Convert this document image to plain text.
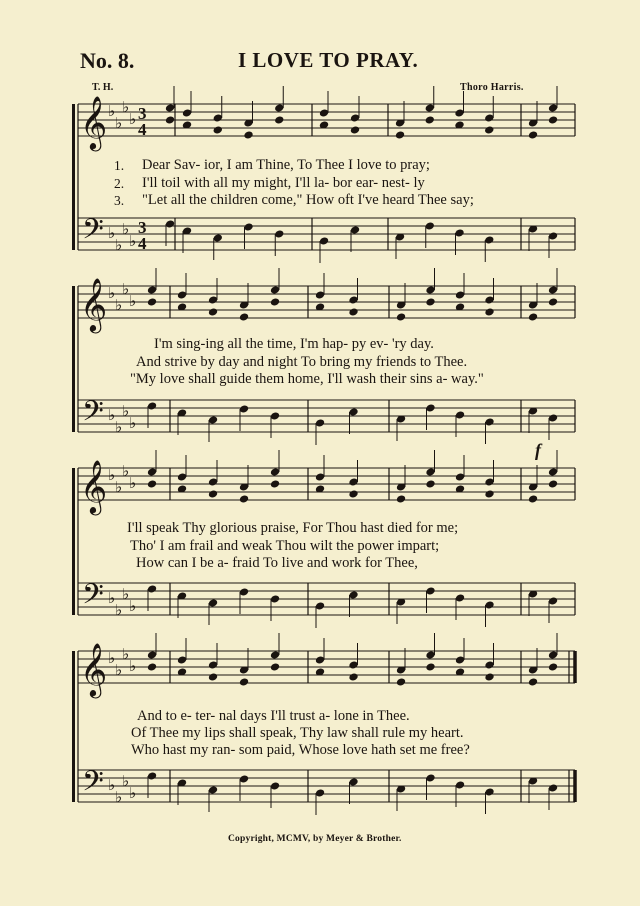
No. 8.	I LOVE TO PRAY.
T. H.	Thoro Harris.
𝄞 ♭
♭
♭
♭ 3
4
𝄢 ♭
♭
♭
♭
3
4
𝄞 ♭
♭
♭
♭
𝄢 ♭
♭
♭
♭
𝄞 ♭
♭
♭
♭
𝄢 ♭
♭
♭
♭
𝄞 ♭
♭
♭
♭
𝄢 ♭
♭
♭
♭
f
1.
2.
3.
Dear Sav- ior, I am Thine, To Thee I love to pray;
I'll toil with all my might, I'll la- bor ear- nest- ly
"Let all the children come," How oft I've heard Thee say;
I'm sing-ing all the time, I'm hap- py ev- 'ry day.
And strive by day and night To bring my friends to Thee.
"My love shall guide them home, I'll wash their sins a- way."
I'll speak Thy glorious praise, For Thou hast died for me;
Tho' I am frail and weak Thou wilt the power impart;
How can I be a- fraid To live and work for Thee,
And to e- ter- nal days I'll trust a- lone in Thee.
Of Thee my lips shall speak, Thy law shall rule my heart.
Who hast my ran- som paid, Whose love hath set me free?
Copyright, MCMV, by Meyer & Brother.
